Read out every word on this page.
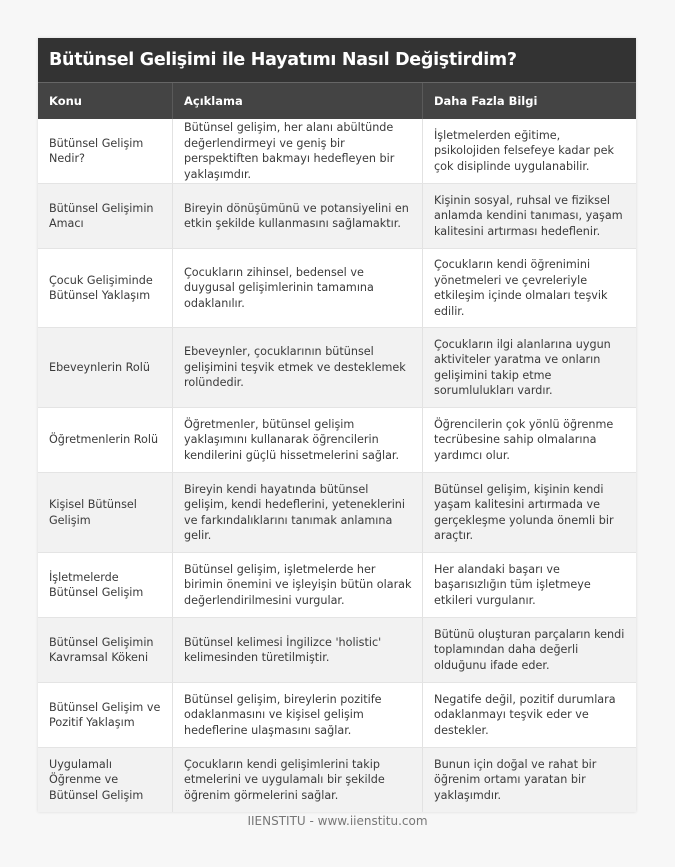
Bütünsel Gelişimi ile Hayatımı Nasıl Değiştirdim?
Konu	Açıklama	Daha Fazla Bilgi
Bütünsel Gelişim Nedir?
Bütünsel gelişim, her alanı abültünde değerlendirmeyi ve geniş bir perspektiften bakmayı hedefleyen bir yaklaşımdır.
İşletmelerden eğitime, psikolojiden felsefeye kadar pek çok disiplinde uygulanabilir.
Bütünsel Gelişimin Amacı
Bireyin dönüşümünü ve potansiyelini en etkin şekilde kullanmasını sağlamaktır.
Kişinin sosyal, ruhsal ve fiziksel anlamda kendini tanıması, yaşam kalitesini artırması hedeflenir.
Çocuk Gelişiminde Bütünsel Yaklaşım
Çocukların zihinsel, bedensel ve duygusal gelişimlerinin tamamına odaklanılır.
Çocukların kendi öğrenimini yönetmeleri ve çevreleriyle etkileşim içinde olmaları teşvik edilir.
Ebeveynlerin Rolü
Ebeveynler, çocuklarının bütünsel gelişimini teşvik etmek ve desteklemek rolündedir.
Çocukların ilgi alanlarına uygun aktiviteler yaratma ve onların gelişimini takip etme sorumlulukları vardır.
Öğretmenlerin Rolü
Öğretmenler, bütünsel gelişim yaklaşımını kullanarak öğrencilerin kendilerini güçlü hissetmelerini sağlar.
Öğrencilerin çok yönlü öğrenme tecrübesine sahip olmalarına yardımcı olur.
Kişisel Bütünsel Gelişim
Bireyin kendi hayatında bütünsel gelişim, kendi hedeflerini, yeteneklerini ve farkındalıklarını tanımak anlamına gelir.
Bütünsel gelişim, kişinin kendi yaşam kalitesini artırmada ve gerçekleşme yolunda önemli bir araçtır.
İşletmelerde Bütünsel Gelişim
Bütünsel gelişim, işletmelerde her birimin önemini ve işleyişin bütün olarak değerlendirilmesini vurgular.
Her alandaki başarı ve başarısızlığın tüm işletmeye etkileri vurgulanır.
Bütünsel Gelişimin Kavramsal Kökeni
Bütünsel kelimesi İngilizce 'holistic' kelimesinden türetilmiştir.
Bütünü oluşturan parçaların kendi toplamından daha değerli olduğunu ifade eder.
Bütünsel Gelişim ve Pozitif Yaklaşım
Bütünsel gelişim, bireylerin pozitife odaklanmasını ve kişisel gelişim hedeflerine ulaşmasını sağlar.
Negatife değil, pozitif durumlara odaklanmayı teşvik eder ve destekler.
Uygulamalı Öğrenme ve Bütünsel Gelişim
Çocukların kendi gelişimlerini takip etmelerini ve uygulamalı bir şekilde öğrenim görmelerini sağlar.
Bunun için doğal ve rahat bir öğrenim ortamı yaratan bir yaklaşımdır.
IIENSTITU - www.iienstitu.com
